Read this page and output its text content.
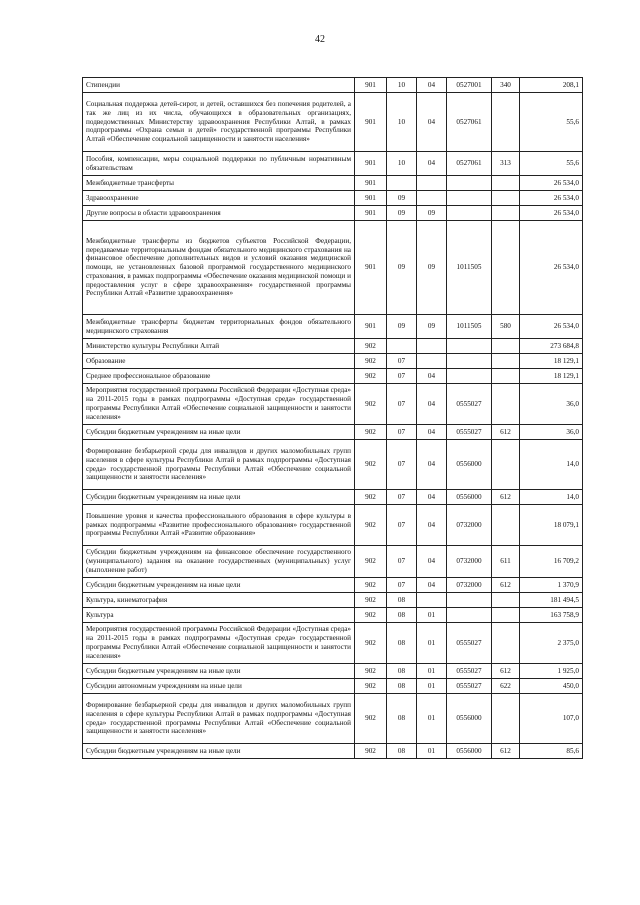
42
Стипендии	901	10	04	0527001	340	208,1
Социальная поддержка детей-сирот, и детей, оставшихся без попечения родителей, а так же лиц из их числа, обучающихся в образовательных организациях, подведомственных Министерству здравоохранения Республики Алтай, в рамках подпрограммы «Охрана семьи и детей» государственной программы Республики Алтай «Обеспечение социальной защищенности и занятости населения»	901	10	04	0527061		55,6
Пособия, компенсации, меры социальной поддержки по публичным нормативным обязательствам	901	10	04	0527061	313	55,6
Межбюджетные трансферты	901					26 534,0
Здравоохранение	901	09				26 534,0
Другие вопросы в области здравоохранения	901	09	09			26 534,0
Межбюджетные трансферты из бюджетов субъектов Российской Федерации, передаваемые территориальным фондам обязательного медицинского страхования на финансовое обеспечение дополнительных видов и условий оказания медицинской помощи, не установленных базовой программой государственного медицинского страхования, в рамках подпрограммы «Обеспечение оказания медицинской помощи и предоставления услуг в сфере здравоохранения» государственной программы Республики Алтай «Развитие здравоохранения»	901	09	09	1011505		26 534,0
Межбюджетные трансферты бюджетам территориальных фондов обязательного медицинского страхования	901	09	09	1011505	580	26 534,0
Министерство культуры Республики Алтай	902					273 684,8
Образование	902	07				18 129,1
Среднее профессиональное образование	902	07	04			18 129,1
Мероприятия государственной программы Российской Федерации «Доступная среда» на 2011-2015 годы в рамках подпрограммы «Доступная среда» государственной программы Республики Алтай «Обеспечение социальной защищенности и занятости населения»	902	07	04	0555027		36,0
Субсидии бюджетным учреждениям на иные цели	902	07	04	0555027	612	36,0
Формирование безбарьерной среды для инвалидов и других маломобильных групп населения в сфере культуры Республики Алтай в рамках подпрограммы «Доступная среда» государственной программы Республики Алтай «Обеспечение социальной защищенности и занятости населения»	902	07	04	0556000		14,0
Субсидии бюджетным учреждениям на иные цели	902	07	04	0556000	612	14,0
Повышение уровня и качества профессионального образования в сфере культуры в рамках подпрограммы «Развитие профессионального образования» государственной программы Республики Алтай «Развитие образования»	902	07	04	0732000		18 079,1
Субсидии бюджетным учреждениям на финансовое обеспечение государственного (муниципального) задания на оказание государственных (муниципальных) услуг (выполнение работ)	902	07	04	0732000	611	16 709,2
Субсидии бюджетным учреждениям на иные цели	902	07	04	0732000	612	1 370,9
Культура, кинематография	902	08				181 494,5
Культура	902	08	01			163 758,9
Мероприятия государственной программы Российской Федерации «Доступная среда» на 2011-2015 годы в рамках подпрограммы «Доступная среда» государственной программы Республики Алтай «Обеспечение социальной защищенности и занятости населения»	902	08	01	0555027		2 375,0
Субсидии бюджетным учреждениям на иные цели	902	08	01	0555027	612	1 925,0
Субсидии автономным учреждениям на иные цели	902	08	01	0555027	622	450,0
Формирование безбарьерной среды для инвалидов и других маломобильных групп населения в сфере культуры Республики Алтай в рамках подпрограммы «Доступная среда» государственной программы Республики Алтай «Обеспечение социальной защищенности и занятости населения»	902	08	01	0556000		107,0
Субсидии бюджетным учреждениям на иные цели	902	08	01	0556000	612	85,6
